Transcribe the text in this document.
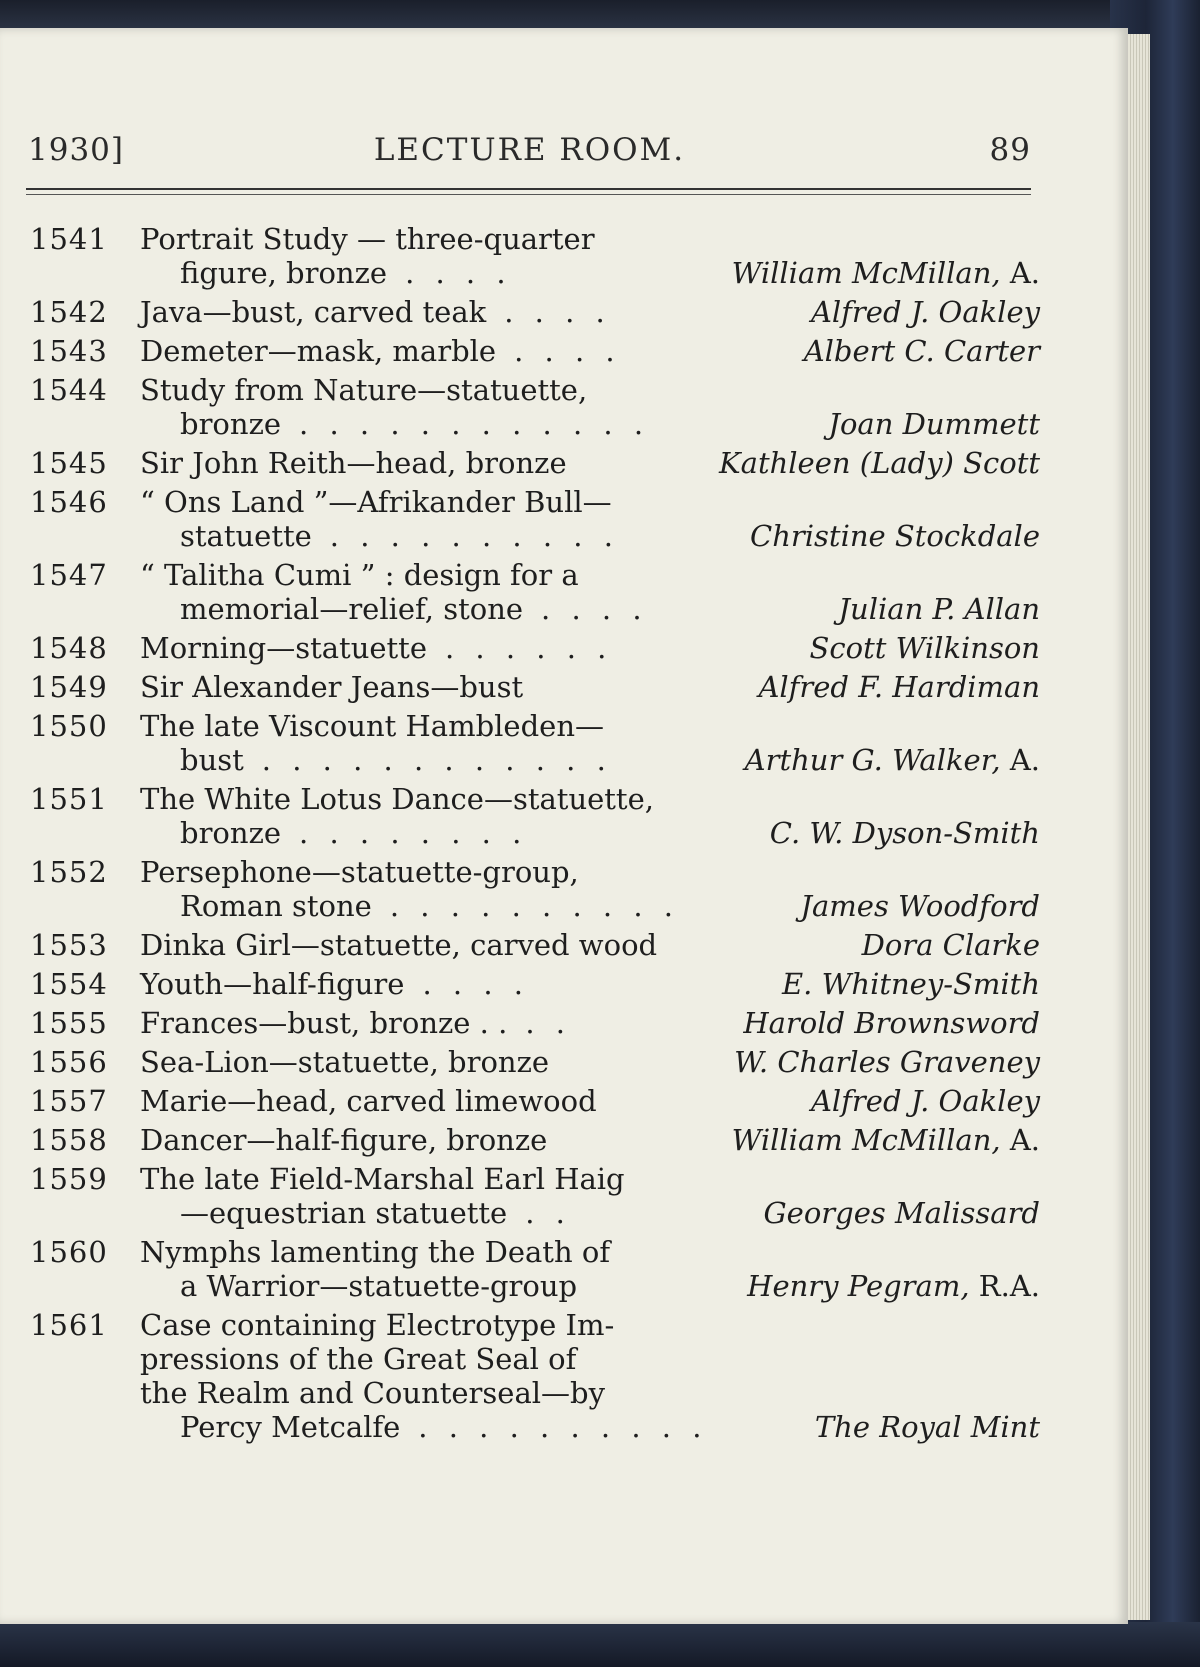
1930]	LECTURE ROOM.	89
1541	Portrait Study — three-quarter
figure, bronze . . . .	William McMillan, A.
1542	Java—bust, carved teak . . . .	Alfred J. Oakley
1543	Demeter—mask, marble . . . .	Albert C. Carter
1544	Study from Nature—statuette,
bronze . . . . . . . . . . . .	Joan Dummett
1545	Sir John Reith—head, bronze	Kathleen (Lady) Scott
1546	“ Ons Land ”—Afrikander Bull—
statuette . . . . . . . . . .	Christine Stockdale
1547	“ Talitha Cumi ” : design for a
memorial—relief, stone . . . .	Julian P. Allan
1548	Morning—statuette . . . . . .	Scott Wilkinson
1549	Sir Alexander Jeans—bust	Alfred F. Hardiman
1550	The late Viscount Hambleden—
bust . . . . . . . . . . . .	Arthur G. Walker, A.
1551	The White Lotus Dance—statuette,
bronze . . . . . . . .	C. W. Dyson-Smith
1552	Persephone—statuette-group,
Roman stone . . . . . . . . . .	James Woodford
1553	Dinka Girl—statuette, carved wood	Dora Clarke
1554	Youth—half-figure . . . .	E. Whitney-Smith
1555	Frances—bust, bronze . . . .	Harold Brownsword
1556	Sea-Lion—statuette, bronze	W. Charles Graveney
1557	Marie—head, carved limewood	Alfred J. Oakley
1558	Dancer—half-figure, bronze	William McMillan, A.
1559	The late Field-Marshal Earl Haig
—equestrian statuette . .	Georges Malissard
1560	Nymphs lamenting the Death of
a Warrior—statuette-group	Henry Pegram, R.A.
1561	Case containing Electrotype Im-
pressions of the Great Seal of
the Realm and Counterseal—by
Percy Metcalfe . . . . . . . . . .	The Royal Mint
